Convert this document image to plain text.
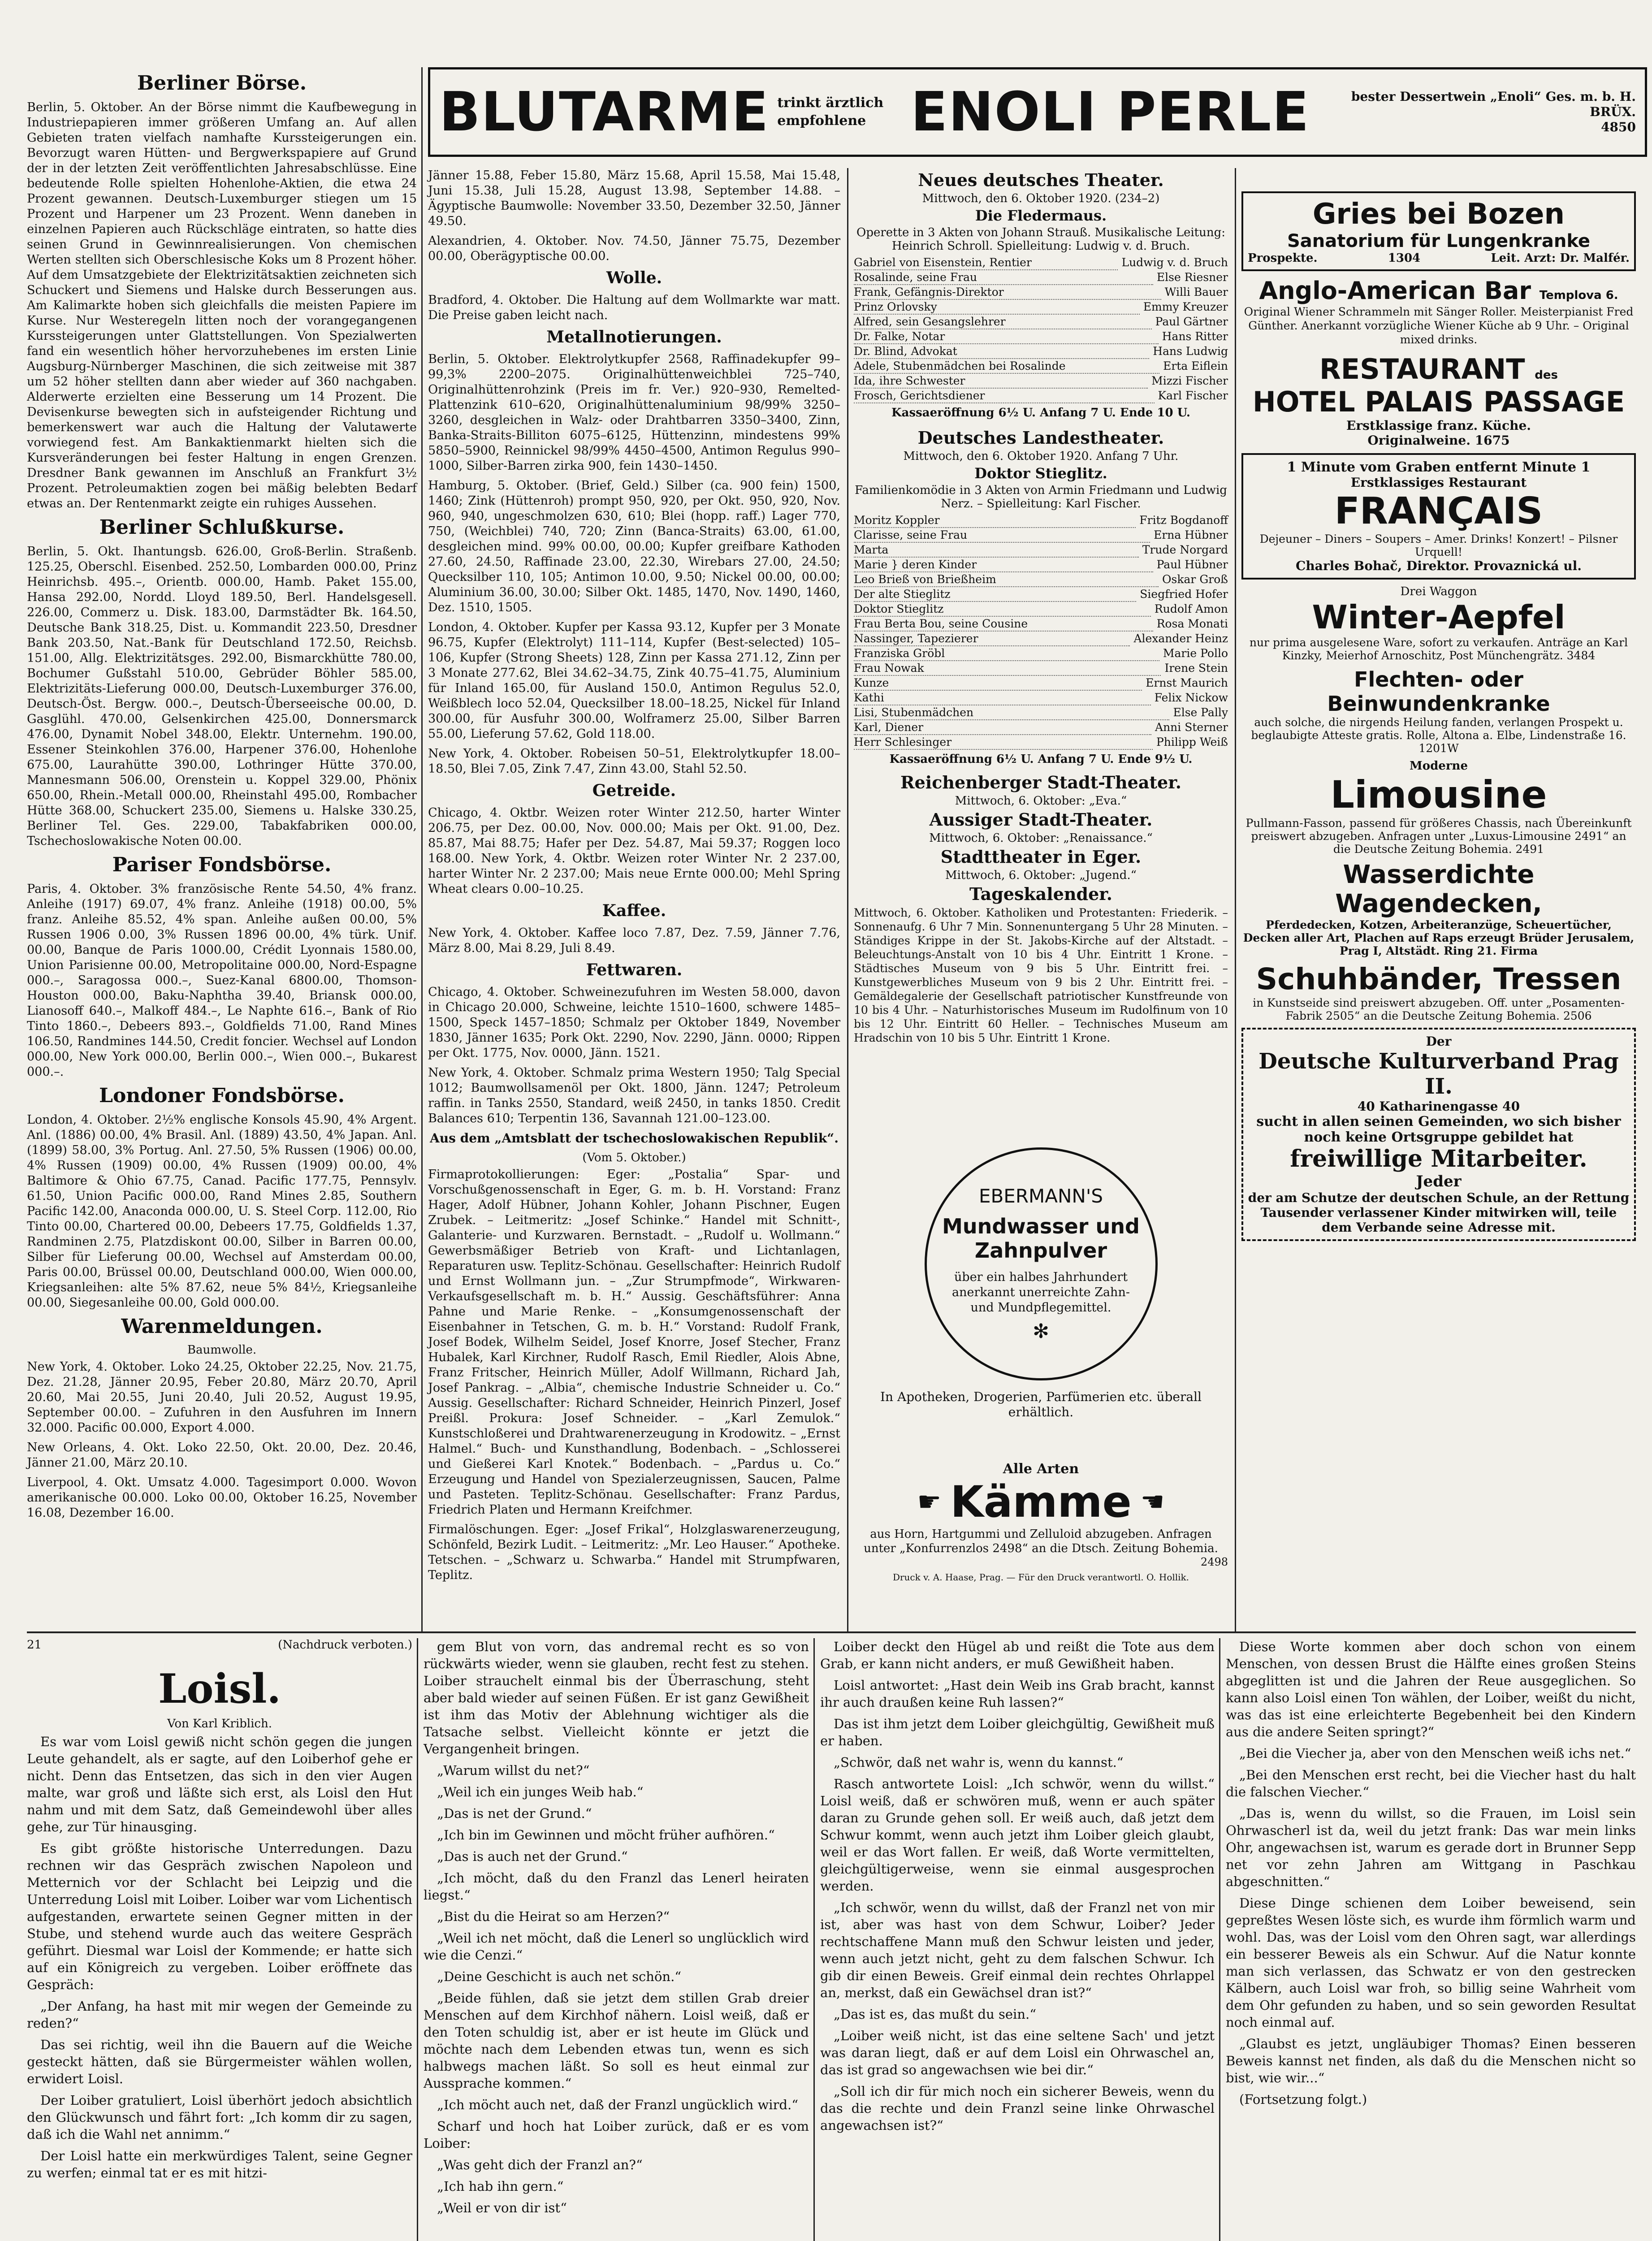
Berliner Börse.

Berlin, 5. Oktober. An der Börse nimmt die Kaufbewegung in Industriepapieren immer größeren Umfang an. Auf allen Gebieten traten vielfach namhafte Kurssteigerungen ein. Bevorzugt waren Hütten- und Bergwerkspapiere auf Grund der in der letzten Zeit veröffentlichten Jahresabschlüsse. Eine bedeutende Rolle spielten Hohenlohe-Aktien, die etwa 24 Prozent gewannen. Deutsch-Luxemburger stiegen um 15 Prozent und Harpener um 23 Prozent. Wenn daneben in einzelnen Papieren auch Rückschläge eintraten, so hatte dies seinen Grund in Gewinnrealisierungen. Von chemischen Werten stellten sich Oberschlesische Koks um 8 Prozent höher. Auf dem Umsatzgebiete der Elektrizitätsaktien zeichneten sich Schuckert und Siemens und Halske durch Besserungen aus. Am Kalimarkte hoben sich gleichfalls die meisten Papiere im Kurse. Nur Westeregeln litten noch der vorangegangenen Kurssteigerungen unter Glattstellungen. Von Spezialwerten fand ein wesentlich höher hervorzuhebenes im ersten Linie Augsburg-Nürnberger Maschinen, die sich zeitweise mit 387 um 52 höher stellten dann aber wieder auf 360 nachgaben. Alderwerte erzielten eine Besserung um 14 Prozent. Die Devisenkurse bewegten sich in aufsteigender Richtung und bemerkenswert war auch die Haltung der Valutawerte vorwiegend fest. Am Bankaktienmarkt hielten sich die Kursveränderungen bei fester Haltung in engen Grenzen. Dresdner Bank gewannen im Anschluß an Frankfurt 3½ Prozent. Petroleumaktien zogen bei mäßig belebten Bedarf etwas an. Der Rentenmarkt zeigte ein ruhiges Aussehen.

Berliner Schlußkurse.

Berlin, 5. Okt. Ihantungsb. 626.00, Groß-Berlin. Straßenb. 125.25, Oberschl. Eisenbed. 252.50, Lombarden 000.00, Prinz Heinrichsb. 495.–, Orientb. 000.00, Hamb. Paket 155.00, Hansa 292.00, Nordd. Lloyd 189.50, Berl. Handelsgesell. 226.00, Commerz u. Disk. 183.00, Darmstädter Bk. 164.50, Deutsche Bank 318.25, Dist. u. Kommandit 223.50, Dresdner Bank 203.50, Nat.-Bank für Deutschland 172.50, Reichsb. 151.00, Allg. Elektrizitätsges. 292.00, Bismarckhütte 780.00, Bochumer Gußstahl 510.00, Gebrüder Böhler 585.00, Elektrizitäts-Lieferung 000.00, Deutsch-Luxemburger 376.00, Deutsch-Öst. Bergw. 000.–, Deutsch-Überseeische 00.00, D. Gasglühl. 470.00, Gelsenkirchen 425.00, Donnersmarck 476.00, Dynamit Nobel 348.00, Elektr. Unternehm. 190.00, Essener Steinkohlen 376.00, Harpener 376.00, Hohenlohe 675.00, Laurahütte 390.00, Lothringer Hütte 370.00, Mannesmann 506.00, Orenstein u. Koppel 329.00, Phönix 650.00, Rhein.-Metall 000.00, Rheinstahl 495.00, Rombacher Hütte 368.00, Schuckert 235.00, Siemens u. Halske 330.25, Berliner Tel. Ges. 229.00, Tabakfabriken 000.00, Tschechoslowakische Noten 00.00.

Pariser Fondsbörse.

Paris, 4. Oktober. 3% französische Rente 54.50, 4% franz. Anleihe (1917) 69.07, 4% franz. Anleihe (1918) 00.00, 5% franz. Anleihe 85.52, 4% span. Anleihe außen 00.00, 5% Russen 1906 0.00, 3% Russen 1896 00.00, 4% türk. Unif. 00.00, Banque de Paris 1000.00, Crédit Lyonnais 1580.00, Union Parisienne 00.00, Metropolitaine 000.00, Nord-Espagne 000.–, Saragossa 000.–, Suez-Kanal 6800.00, Thomson-Houston 000.00, Baku-Naphtha 39.40, Briansk 000.00, Lianosoff 640.–, Malkoff 484.–, Le Naphte 616.–, Bank of Rio Tinto 1860.–, Debeers 893.–, Goldfields 71.00, Rand Mines 106.50, Randmines 144.50, Credit foncier. Wechsel auf London 000.00, New York 000.00, Berlin 000.–, Wien 000.–, Bukarest 000.–.

Londoner Fondsbörse.

London, 4. Oktober. 2½% englische Konsols 45.90, 4% Argent. Anl. (1886) 00.00, 4% Brasil. Anl. (1889) 43.50, 4% Japan. Anl. (1899) 58.00, 3% Portug. Anl. 27.50, 5% Russen (1906) 00.00, 4% Russen (1909) 00.00, 4% Russen (1909) 00.00, 4% Baltimore & Ohio 67.75, Canad. Pacific 177.75, Pennsylv. 61.50, Union Pacific 000.00, Rand Mines 2.85, Southern Pacific 142.00, Anaconda 000.00, U. S. Steel Corp. 112.00, Rio Tinto 00.00, Chartered 00.00, Debeers 17.75, Goldfields 1.37, Randminen 2.75, Platzdiskont 00.00, Silber in Barren 00.00, Silber für Lieferung 00.00, Wechsel auf Amsterdam 00.00, Paris 00.00, Brüssel 00.00, Deutschland 000.00, Wien 000.00, Kriegsanleihen: alte 5% 87.62, neue 5% 84½, Kriegsanleihe 00.00, Siegesanleihe 00.00, Gold 000.00.

Warenmeldungen.
Baumwolle.

New York, 4. Oktober. Loko 24.25, Oktober 22.25, Nov. 21.75, Dez. 21.28, Jänner 20.95, Feber 20.80, März 20.70, April 20.60, Mai 20.55, Juni 20.40, Juli 20.52, August 19.95, September 00.00. – Zufuhren in den Ausfuhren im Innern 32.000. Pacific 00.000, Export 4.000.

New Orleans, 4. Okt. Loko 22.50, Okt. 20.00, Dez. 20.46, Jänner 21.00, März 20.10.

Liverpool, 4. Okt. Umsatz 4.000. Tagesimport 0.000. Wovon amerikanische 00.000. Loko 00.00, Oktober 16.25, November 16.08, Dezember 16.00.

BLUTARME trinkt ärztlich empfohlene ENOLI PERLE	bester Dessertwein „Enoli“ Ges. m. b. H. BRÜX.
4850

Jänner 15.88, Feber 15.80, März 15.68, April 15.58, Mai 15.48, Juni 15.38, Juli 15.28, August 13.98, September 14.88. – Ägyptische Baumwolle: November 33.50, Dezember 32.50, Jänner 49.50.

Alexandrien, 4. Oktober. Nov. 74.50, Jänner 75.75, Dezember 00.00, Oberägyptische 00.00.

Wolle.

Bradford, 4. Oktober. Die Haltung auf dem Wollmarkte war matt. Die Preise gaben leicht nach.

Metallnotierungen.

Berlin, 5. Oktober. Elektrolytkupfer 2568, Raffinadekupfer 99–99,3% 2200–2075. Originalhüttenweichblei 725–740, Originalhüttenrohzink (Preis im fr. Ver.) 920–930, Remelted-Plattenzink 610–620, Originalhüttenaluminium 98/99% 3250–3260, desgleichen in Walz- oder Drahtbarren 3350–3400, Zinn, Banka-Straits-Billiton 6075–6125, Hüttenzinn, mindestens 99% 5850–5900, Reinnickel 98/99% 4450–4500, Antimon Regulus 990–1000, Silber-Barren zirka 900, fein 1430–1450.

Hamburg, 5. Oktober. (Brief, Geld.) Silber (ca. 900 fein) 1500, 1460; Zink (Hüttenroh) prompt 950, 920, per Okt. 950, 920, Nov. 960, 940, ungeschmolzen 630, 610; Blei (hopp. raff.) Lager 770, 750, (Weichblei) 740, 720; Zinn (Banca-Straits) 63.00, 61.00, desgleichen mind. 99% 00.00, 00.00; Kupfer greifbare Kathoden 27.60, 24.50, Raffinade 23.00, 22.30, Wirebars 27.00, 24.50; Quecksilber 110, 105; Antimon 10.00, 9.50; Nickel 00.00, 00.00; Aluminium 36.00, 30.00; Silber Okt. 1485, 1470, Nov. 1490, 1460, Dez. 1510, 1505.

London, 4. Oktober. Kupfer per Kassa 93.12, Kupfer per 3 Monate 96.75, Kupfer (Elektrolyt) 111–114, Kupfer (Best-selected) 105–106, Kupfer (Strong Sheets) 128, Zinn per Kassa 271.12, Zinn per 3 Monate 277.62, Blei 34.62–34.75, Zink 40.75–41.75, Aluminium für Inland 165.00, für Ausland 150.0, Antimon Regulus 52.0, Weißblech loco 52.04, Quecksilber 18.00–18.25, Nickel für Inland 300.00, für Ausfuhr 300.00, Wolframerz 25.00, Silber Barren 55.00, Lieferung 57.62, Gold 118.00.

New York, 4. Oktober. Robeisen 50–51, Elektrolytkupfer 18.00–18.50, Blei 7.05, Zink 7.47, Zinn 43.00, Stahl 52.50.

Getreide.

Chicago, 4. Oktbr. Weizen roter Winter 212.50, harter Winter 206.75, per Dez. 00.00, Nov. 000.00; Mais per Okt. 91.00, Dez. 85.87, Mai 88.75; Hafer per Dez. 54.87, Mai 59.37; Roggen loco 168.00. New York, 4. Oktbr. Weizen roter Winter Nr. 2 237.00, harter Winter Nr. 2 237.00; Mais neue Ernte 000.00; Mehl Spring Wheat clears 0.00–10.25.

Kaffee.

New York, 4. Oktober. Kaffee loco 7.87, Dez. 7.59, Jänner 7.76, März 8.00, Mai 8.29, Juli 8.49.

Fettwaren.

Chicago, 4. Oktober. Schweinezufuhren im Westen 58.000, davon in Chicago 20.000, Schweine, leichte 1510–1600, schwere 1485–1500, Speck 1457–1850; Schmalz per Oktober 1849, November 1830, Jänner 1635; Pork Okt. 2290, Nov. 2290, Jänn. 0000; Rippen per Okt. 1775, Nov. 0000, Jänn. 1521.

New York, 4. Oktober. Schmalz prima Western 1950; Talg Special 1012; Baumwollsamenöl per Okt. 1800, Jänn. 1247; Petroleum raffin. in Tanks 2550, Standard, weiß 2450, in tanks 1850. Credit Balances 610; Terpentin 136, Savannah 121.00–123.00.

Aus dem „Amtsblatt der tschechoslowakischen Republik“.
(Vom 5. Oktober.)

Firmaprotokollierungen: Eger: „Postalia“ Spar- und Vorschußgenossenschaft in Eger, G. m. b. H. Vorstand: Franz Hager, Adolf Hübner, Johann Kohler, Johann Pischner, Eugen Zrubek. – Leitmeritz: „Josef Schinke.“ Handel mit Schnitt-, Galanterie- und Kurzwaren. Bernstadt. – „Rudolf u. Wollmann.“ Gewerbsmäßiger Betrieb von Kraft- und Lichtanlagen, Reparaturen usw. Teplitz-Schönau. Gesellschafter: Heinrich Rudolf und Ernst Wollmann jun. – „Zur Strumpfmode“, Wirkwaren-Verkaufsgesellschaft m. b. H.“ Aussig. Geschäftsführer: Anna Pahne und Marie Renke. – „Konsumgenossenschaft der Eisenbahner in Tetschen, G. m. b. H.“ Vorstand: Rudolf Frank, Josef Bodek, Wilhelm Seidel, Josef Knorre, Josef Stecher, Franz Hubalek, Karl Kirchner, Rudolf Rasch, Emil Riedler, Alois Abne, Franz Fritscher, Heinrich Müller, Adolf Willmann, Richard Jah, Josef Pankrag. – „Albia“, chemische Industrie Schneider u. Co.“ Aussig. Gesellschafter: Richard Schneider, Heinrich Pinzerl, Josef Preißl. Prokura: Josef Schneider. – „Karl Zemulok.“ Kunstschloßerei und Drahtwarenerzeugung in Krodowitz. – „Ernst Halmel.“ Buch- und Kunsthandlung, Bodenbach. – „Schlosserei und Gießerei Karl Knotek.“ Bodenbach. – „Pardus u. Co.“ Erzeugung und Handel von Spezialerzeugnissen, Saucen, Palme und Pasteten. Teplitz-Schönau. Gesellschafter: Franz Pardus, Friedrich Platen und Hermann Kreifchmer.

Firmalöschungen. Eger: „Josef Frikal“, Holzglaswarenerzeugung, Schönfeld, Bezirk Ludit. – Leitmeritz: „Mr. Leo Hauser.“ Apotheke. Tetschen. – „Schwarz u. Schwarba.“ Handel mit Strumpfwaren, Teplitz.

Neues deutsches Theater.
Mittwoch, den 6. Oktober 1920. (234–2)
Die Fledermaus.
Operette in 3 Akten von Johann Strauß. Musikalische Leitung: Heinrich Schroll. Spielleitung: Ludwig v. d. Bruch.
Gabriel von Eisenstein, Rentier	Ludwig v. d. Bruch
Rosalinde, seine Frau	Else Riesner
Frank, Gefängnis-Direktor	Willi Bauer
Prinz Orlovsky	Emmy Kreuzer
Alfred, sein Gesangslehrer	Paul Gärtner
Dr. Falke, Notar	Hans Ritter
Dr. Blind, Advokat	Hans Ludwig
Adele, Stubenmädchen bei Rosalinde	Erta Eiflein
Ida, ihre Schwester	Mizzi Fischer
Frosch, Gerichtsdiener	Karl Fischer
Kassaeröffnung 6½ U. Anfang 7 U. Ende 10 U.
Deutsches Landestheater.
Mittwoch, den 6. Oktober 1920. Anfang 7 Uhr.
Doktor Stieglitz.
Familienkomödie in 3 Akten von Armin Friedmann und Ludwig Nerz. – Spielleitung: Karl Fischer.
Moritz Koppler	Fritz Bogdanoff
Clarisse, seine Frau	Erna Hübner
Marta	Trude Norgard
Marie } deren Kinder	Paul Hübner
Leo Brieß von Brießheim	Oskar Groß
Der alte Stieglitz	Siegfried Hofer
Doktor Stieglitz	Rudolf Amon
Frau Berta Bou, seine Cousine	Rosa Monati
Nassinger, Tapezierer	Alexander Heinz
Franziska Gröbl	Marie Pollo
Frau Nowak	Irene Stein
Kunze	Ernst Maurich
Kathi	Felix Nickow
Lisi, Stubenmädchen	Else Pally
Karl, Diener	Anni Sterner
Herr Schlesinger	Philipp Weiß
Kassaeröffnung 6½ U. Anfang 7 U. Ende 9½ U.
Reichenberger Stadt-Theater.
Mittwoch, 6. Oktober: „Eva.“
Aussiger Stadt-Theater.
Mittwoch, 6. Oktober: „Renaissance.“
Stadttheater in Eger.
Mittwoch, 6. Oktober: „Jugend.“
Tageskalender.

Mittwoch, 6. Oktober. Katholiken und Protestanten: Friederik. – Sonnenaufg. 6 Uhr 7 Min. Sonnenuntergang 5 Uhr 28 Minuten. – Ständiges Krippe in der St. Jakobs-Kirche auf der Altstadt. – Beleuchtungs-Anstalt von 10 bis 4 Uhr. Eintritt 1 Krone. – Städtisches Museum von 9 bis 5 Uhr. Eintritt frei. – Kunstgewerbliches Museum von 9 bis 2 Uhr. Eintritt frei. – Gemäldegalerie der Gesellschaft patriotischer Kunstfreunde von 10 bis 4 Uhr. – Naturhistorisches Museum im Rudolfinum von 10 bis 12 Uhr. Eintritt 60 Heller. – Technisches Museum am Hradschin von 10 bis 5 Uhr. Eintritt 1 Krone.

EBERMANN'S
Mundwasser und Zahnpulver
über ein halbes Jahrhundert anerkannt unerreichte Zahn- und Mundpflegemittel.
✻
In Apotheken, Drogerien, Parfümerien etc. überall erhältlich.
Alle Arten
☛ Kämme ☚
aus Horn, Hartgummi und Zelluloid abzugeben. Anfragen unter „Konfurrenzlos 2498“ an die Dtsch. Zeitung Bohemia.
2498
Druck v. A. Haase, Prag. — Für den Druck verantwortl. O. Hollik.
Gries bei Bozen
Sanatorium für Lungenkranke
Prospekte.	1304	Leit. Arzt: Dr. Malfér.
Anglo-American Bar Templova 6.
Original Wiener Schrammeln mit Sänger Roller. Meisterpianist Fred Günther. Anerkannt vorzügliche Wiener Küche ab 9 Uhr. – Original mixed drinks.
RESTAURANT des
HOTEL PALAIS PASSAGE
Erstklassige franz. Küche.
Originalweine. 1675
1 Minute vom Graben entfernt Minute 1
Erstklassiges Restaurant
FRANÇAIS
Dejeuner – Diners – Soupers – Amer. Drinks! Konzert! – Pilsner Urquell!
Charles Bohač, Direktor. Provaznická ul.
Drei Waggon
Winter-Aepfel
nur prima ausgelesene Ware, sofort zu verkaufen. Anträge an Karl Kinzky, Meierhof Arnoschitz, Post Münchengrätz. 3484
Flechten- oder Beinwundenkranke
auch solche, die nirgends Heilung fanden, verlangen Prospekt u. beglaubigte Atteste gratis. Rolle, Altona a. Elbe, Lindenstraße 16. 1201W
Moderne
Limousine
Pullmann-Fasson, passend für größeres Chassis, nach Übereinkunft preiswert abzugeben. Anfragen unter „Luxus-Limousine 2491“ an die Deutsche Zeitung Bohemia. 2491
Wasserdichte Wagendecken,
Pferdedecken, Kotzen, Arbeiteranzüge, Scheuertücher, Decken aller Art, Plachen auf Raps erzeugt Brüder Jerusalem, Prag I, Altstädt. Ring 21. Firma
Schuhbänder, Tressen
in Kunstseide sind preiswert abzugeben. Off. unter „Posamenten-Fabrik 2505“ an die Deutsche Zeitung Bohemia. 2506
Der
Deutsche Kulturverband Prag II.
40 Katharinengasse 40
sucht in allen seinen Gemeinden, wo sich bisher noch keine Ortsgruppe gebildet hat
freiwillige Mitarbeiter.
Jeder
der am Schutze der deutschen Schule, an der Rettung Tausender verlassener Kinder mitwirken will, teile dem Verbande seine Adresse mit.
21	(Nachdruck verboten.)
Loisl.
Von Karl Kriblich.

Es war vom Loisl gewiß nicht schön gegen die jungen Leute gehandelt, als er sagte, auf den Loiberhof gehe er nicht. Denn das Entsetzen, das sich in den vier Augen malte, war groß und läßte sich erst, als Loisl den Hut nahm und mit dem Satz, daß Gemeindewohl über alles gehe, zur Tür hinausging.

Es gibt größte historische Unterredungen. Dazu rechnen wir das Gespräch zwischen Napoleon und Metternich vor der Schlacht bei Leipzig und die Unterredung Loisl mit Loiber. Loiber war vom Lichentisch aufgestanden, erwartete seinen Gegner mitten in der Stube, und stehend wurde auch das weitere Gespräch geführt. Diesmal war Loisl der Kommende; er hatte sich auf ein Königreich zu vergeben. Loiber eröffnete das Gespräch:

„Der Anfang, ha hast mit mir wegen der Gemeinde zu reden?“

Das sei richtig, weil ihn die Bauern auf die Weiche gesteckt hätten, daß sie Bürgermeister wählen wollen, erwidert Loisl.

Der Loiber gratuliert, Loisl überhört jedoch absichtlich den Glückwunsch und fährt fort: „Ich komm dir zu sagen, daß ich die Wahl net annimm.“

Der Loisl hatte ein merkwürdiges Talent, seine Gegner zu werfen; einmal tat er es mit hitzi-

gem Blut von vorn, das andremal recht es so von rückwärts wieder, wenn sie glauben, recht fest zu stehen. Loiber strauchelt einmal bis der Überraschung, steht aber bald wieder auf seinen Füßen. Er ist ganz Gewißheit ist ihm das Motiv der Ablehnung wichtiger als die Tatsache selbst. Vielleicht könnte er jetzt die Vergangenheit bringen.

„Warum willst du net?“

„Weil ich ein junges Weib hab.“

„Das is net der Grund.“

„Ich bin im Gewinnen und möcht früher aufhören.“

„Das is auch net der Grund.“

„Ich möcht, daß du den Franzl das Lenerl heiraten liegst.“

„Bist du die Heirat so am Herzen?“

„Weil ich net möcht, daß die Lenerl so unglücklich wird wie die Cenzi.“

„Deine Geschicht is auch net schön.“

„Beide fühlen, daß sie jetzt dem stillen Grab dreier Menschen auf dem Kirchhof nähern. Loisl weiß, daß er den Toten schuldig ist, aber er ist heute im Glück und möchte nach dem Lebenden etwas tun, wenn es sich halbwegs machen läßt. So soll es heut einmal zur Aussprache kommen.“

„Ich möcht auch net, daß der Franzl ungücklich wird.“

Scharf und hoch hat Loiber zurück, daß er es vom Loiber:

„Was geht dich der Franzl an?“

„Ich hab ihn gern.“

„Weil er von dir ist“

Loiber deckt den Hügel ab und reißt die Tote aus dem Grab, er kann nicht anders, er muß Gewißheit haben.

Loisl antwortet: „Hast dein Weib ins Grab bracht, kannst ihr auch draußen keine Ruh lassen?“

Das ist ihm jetzt dem Loiber gleichgültig, Gewißheit muß er haben.

„Schwör, daß net wahr is, wenn du kannst.“

Rasch antwortete Loisl: „Ich schwör, wenn du willst.“ Loisl weiß, daß er schwören muß, wenn er auch später daran zu Grunde gehen soll. Er weiß auch, daß jetzt dem Schwur kommt, wenn auch jetzt ihm Loiber gleich glaubt, weil er das Wort fallen. Er weiß, daß Worte vermittelten, gleichgültigerweise, wenn sie einmal ausgesprochen werden.

„Ich schwör, wenn du willst, daß der Franzl net von mir ist, aber was hast von dem Schwur, Loiber? Jeder rechtschaffene Mann muß den Schwur leisten und jeder, wenn auch jetzt nicht, geht zu dem falschen Schwur. Ich gib dir einen Beweis. Greif einmal dein rechtes Ohrlappel an, merkst, daß ein Gewächsel dran ist?“

„Das ist es, das mußt du sein.“

„Loiber weiß nicht, ist das eine seltene Sach' und jetzt was daran liegt, daß er auf dem Loisl ein Ohrwaschel an, das ist grad so angewachsen wie bei dir.“

„Soll ich dir für mich noch ein sicherer Beweis, wenn du das die rechte und dein Franzl seine linke Ohrwaschel angewachsen ist?“

Diese Worte kommen aber doch schon von einem Menschen, von dessen Brust die Hälfte eines großen Steins abgeglitten ist und die Jahren der Reue ausgeglichen. So kann also Loisl einen Ton wählen, der Loiber, weißt du nicht, was das ist eine erleichterte Begebenheit bei den Kindern aus die andere Seiten springt?“

„Bei die Viecher ja, aber von den Menschen weiß ichs net.“

„Bei den Menschen erst recht, bei die Viecher hast du halt die falschen Viecher.“

„Das is, wenn du willst, so die Frauen, im Loisl sein Ohrwascherl ist da, weil du jetzt frank: Das war mein links Ohr, angewachsen ist, warum es gerade dort in Brunner Sepp net vor zehn Jahren am Wittgang in Paschkau abgeschnitten.“

Diese Dinge schienen dem Loiber beweisend, sein gepreßtes Wesen löste sich, es wurde ihm förmlich warm und wohl. Das, was der Loisl vom den Ohren sagt, war allerdings ein besserer Beweis als ein Schwur. Auf die Natur konnte man sich verlassen, das Schwatz er von den gestrecken Kälbern, auch Loisl war froh, so billig seine Wahrheit vom dem Ohr gefunden zu haben, und so sein geworden Resultat noch einmal auf.

„Glaubst es jetzt, ungläubiger Thomas? Einen besseren Beweis kannst net finden, als daß du die Menschen nicht so bist, wie wir...“

(Fortsetzung folgt.)
